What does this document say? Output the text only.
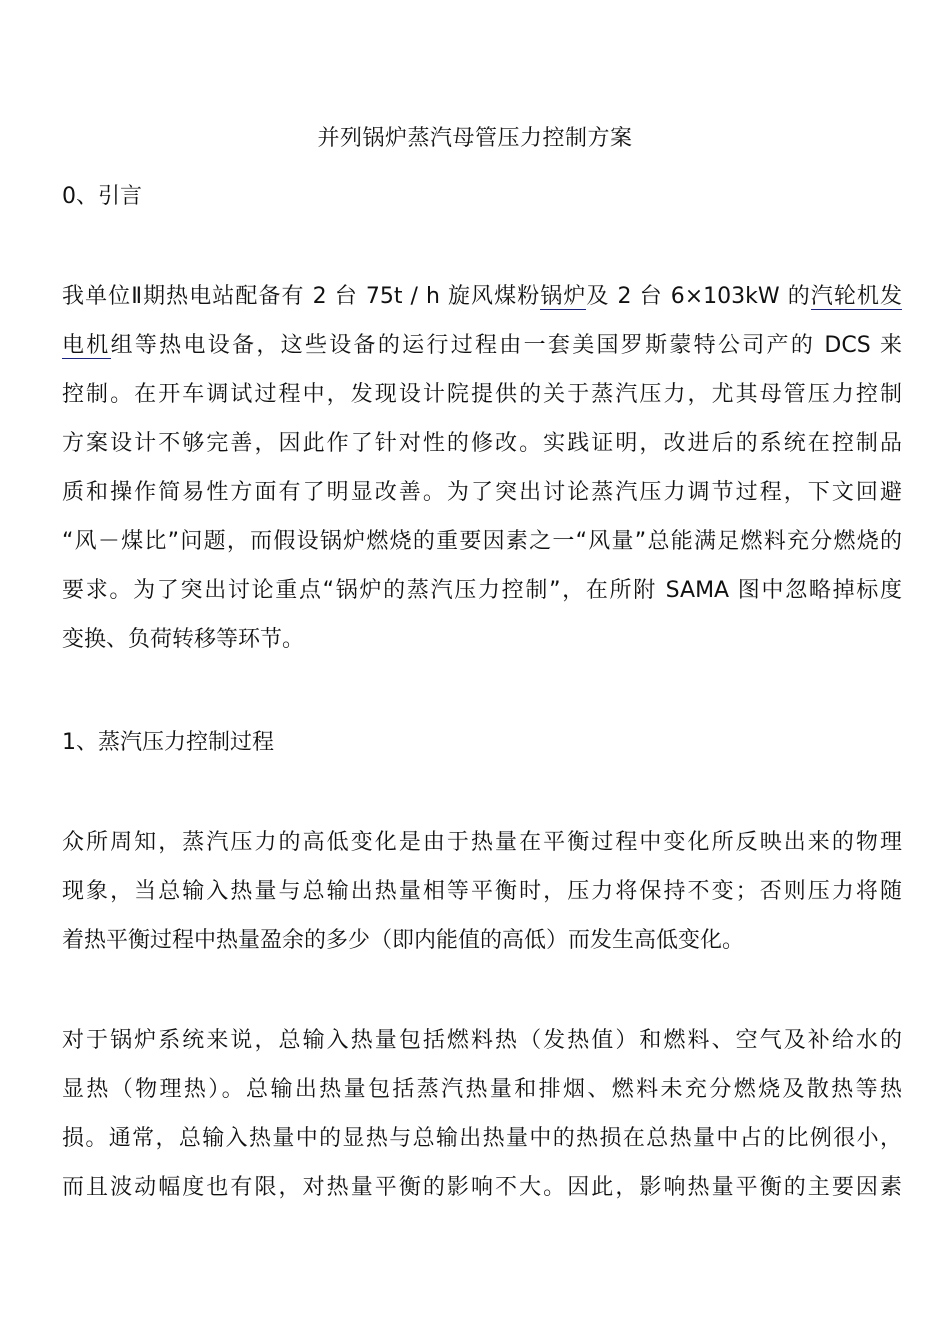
并列锅炉蒸汽母管压力控制方案
0、引言

我单位Ⅱ期热电站配备有 2 台 75t / h 旋风煤粉锅炉及 2 台 6×103kW 的汽轮机发
电机组等热电设备，这些设备的运行过程由一套美国罗斯蒙特公司产的 DCS 来
控制。在开车调试过程中，发现设计院提供的关于蒸汽压力，尤其母管压力控制
方案设计不够完善，因此作了针对性的修改。实践证明，改进后的系统在控制品
质和操作简易性方面有了明显改善。为了突出讨论蒸汽压力调节过程，下文回避
“风－煤比”问题，而假设锅炉燃烧的重要因素之一“风量”总能满足燃料充分燃烧的
要求。为了突出讨论重点“锅炉的蒸汽压力控制”，在所附 SAMA 图中忽略掉标度
变换、负荷转移等环节。

1、蒸汽压力控制过程

众所周知，蒸汽压力的高低变化是由于热量在平衡过程中变化所反映出来的物理
现象，当总输入热量与总输出热量相等平衡时，压力将保持不变；否则压力将随
着热平衡过程中热量盈余的多少（即内能值的高低）而发生高低变化。

对于锅炉系统来说，总输入热量包括燃料热（发热值）和燃料、空气及补给水的
显热（物理热）。总输出热量包括蒸汽热量和排烟、燃料未充分燃烧及散热等热
损。通常，总输入热量中的显热与总输出热量中的热损在总热量中占的比例很小，
而且波动幅度也有限，对热量平衡的影响不大。因此，影响热量平衡的主要因素
